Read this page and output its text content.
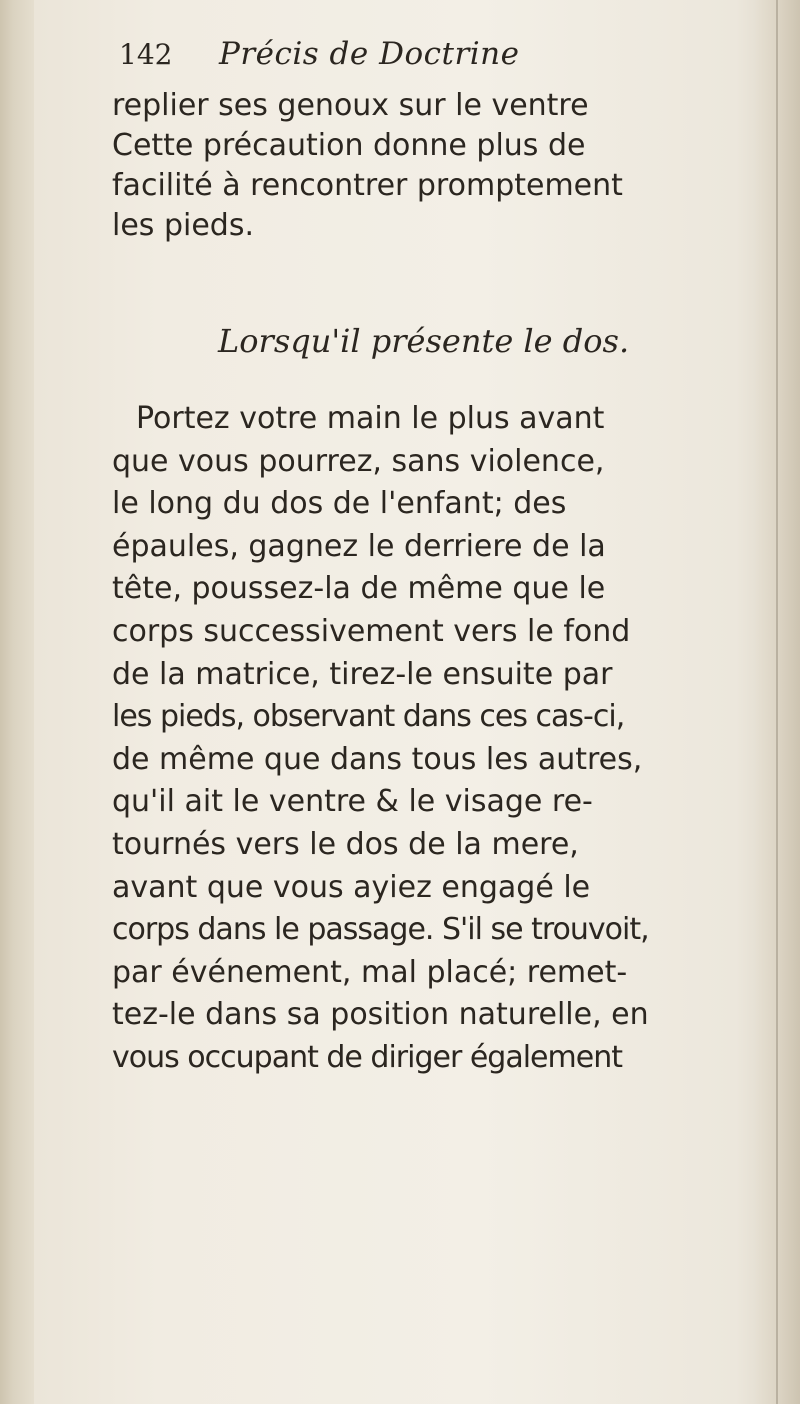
142	Précis de Doctrine
replier ses genoux sur le ventre
Cette précaution donne plus de
facilité à rencontrer promptement
les pieds.
Lorsqu'il présente le dos.
Portez votre main le plus avant
que vous pourrez, sans violence,
le long du dos de l'enfant; des
épaules, gagnez le derriere de la
tête, poussez-la de même que le
corps successivement vers le fond
de la matrice, tirez-le ensuite par
les pieds, observant dans ces cas-ci,
de même que dans tous les autres,
qu'il ait le ventre & le visage re-
tournés vers le dos de la mere,
avant que vous ayiez engagé le
corps dans le passage. S'il se trouvoit,
par événement, mal placé; remet-
tez-le dans sa position naturelle, en
vous occupant de diriger également
